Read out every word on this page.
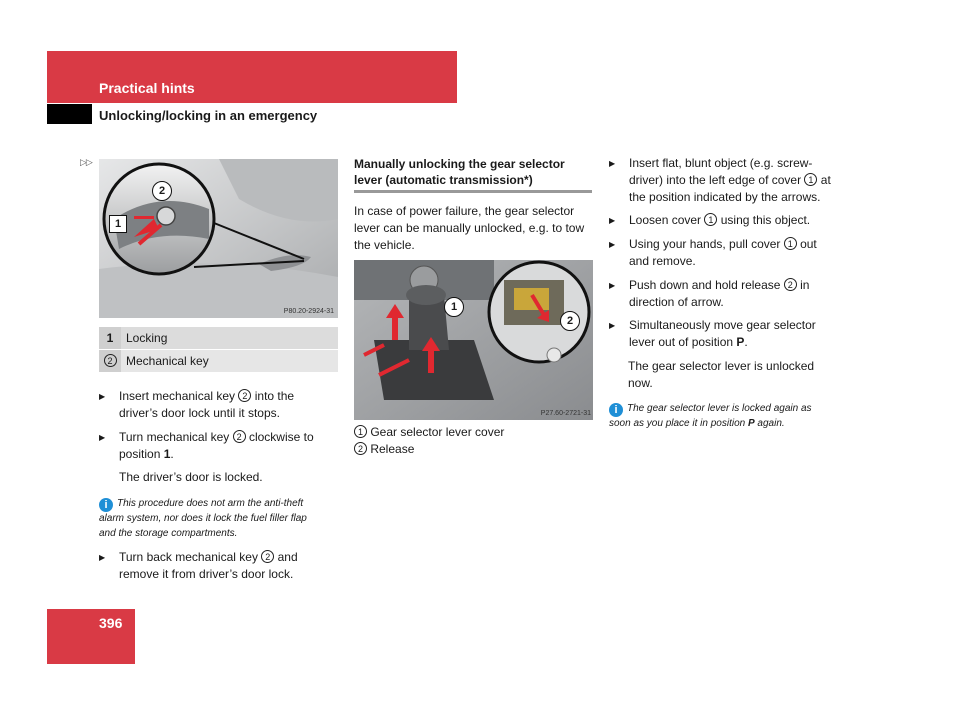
Practical hints
Unlocking/locking in an emergency
396
▷▷
1
2
P80.20-2924-31
1	Locking
2	Mechanical key
▶ Insert mechanical key 2 into the
driver’s door lock until it stops.
▶ Turn mechanical key 2 clockwise to
position 1.
The driver’s door is locked.
i This procedure does not arm the anti-theft
alarm system, nor does it lock the fuel filler flap
and the storage compartments.
▶ Turn back mechanical key 2 and
remove it from driver’s door lock.
Manually unlocking the gear selector
lever (automatic transmission*)
In case of power failure, the gear selector
lever can be manually unlocked, e.g. to tow
the vehicle.
1
2
P27.60-2721-31
1 Gear selector lever cover
2 Release
▶ Insert flat, blunt object (e.g. screw-
driver) into the left edge of cover 1 at
the position indicated by the arrows.
▶ Loosen cover 1 using this object.
▶ Using your hands, pull cover 1 out
and remove.
▶ Push down and hold release 2 in
direction of arrow.
▶ Simultaneously move gear selector
lever out of position P.
The gear selector lever is unlocked
now.
i The gear selector lever is locked again as
soon as you place it in position P again.
